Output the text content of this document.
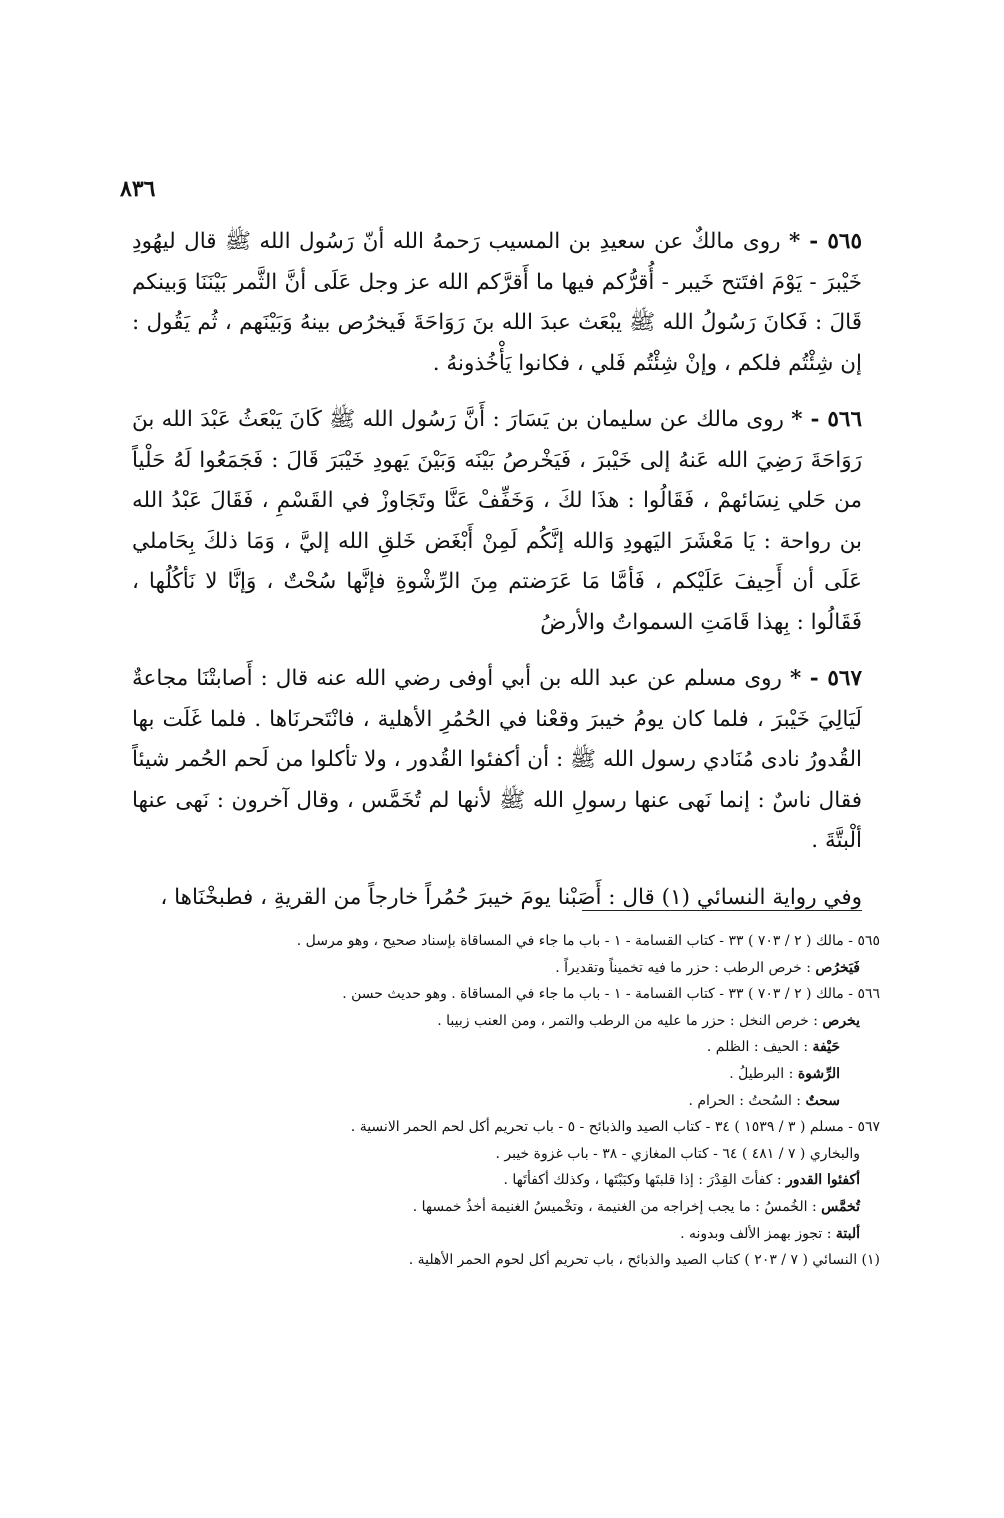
٨٣٦

٥٦٥ - * روى مالكٌ عن سعيدِ بن المسيب رَحمهُ الله أنّ رَسُول الله ﷺ قال ليهُودِ خَيْبرَ - يَوْمَ افتَتح خَيبر - أُقرُّكم فيها ما أَقرَّكم الله عز وجل عَلَى أنَّ الثَّمر بَيْنَنَا وَبينكم قَالَ : فَكانَ رَسُولُ الله ﷺ يبْعَث عبدَ الله بنَ رَوَاحَةَ فَيخرُص بينهُ وَبَيْنَهم ، ثُم يَقُول : إن شِئْتُم فلكم ، وإنْ شِئْتُم فَلي ، فكانوا يَأْخُذونهُ .

٥٦٦ - * روى مالك عن سليمان بن يَسَارَ : أَنَّ رَسُول الله ﷺ كَانَ يَبْعَثُ عَبْدَ الله بنَ رَوَاحَةَ رَضِيَ الله عَنهُ إلى خَيْبرَ ، فَيَخْرصُ بَيْنَه وَبَيْنَ يَهودِ خَيْبَرَ قَالَ : فَجَمَعُوا لَهُ حَلْياً من حَلي نِسَائهمْ ، فَقَالُوا : هذَا لكَ ، وَخَفِّفْ عَنَّا وتَجَاوزْ في القَسْمِ ، فَقَالَ عَبْدُ الله بن رواحة : يَا مَعْشَرَ اليَهودِ وَالله إنَّكُم لَمِنْ أَبْغَض خَلقِ الله إليَّ ، وَمَا ذلكَ بِحَاملي عَلَى أن أَحِيفَ عَلَيْكم ، فَأمَّا مَا عَرَضتم مِنَ الرِّشْوةِ فإنَّها سُحْتٌ ، وَإنَّا لا نَأكُلُها ، فَقَالُوا : بِهذا قَامَتِ السمواتُ والأرضُ

٥٦٧ - * روى مسلم عن عبد الله بن أبي أوفى رضي الله عنه قال : أَصابتْنَا مجاعةٌ لَيَالِيَ خَيْبرَ ، فلما كان يومُ خيبرَ وقعْنا في الحُمُرِ الأهلية ، فانْتَحرنَاها . فلما غَلَت بها القُدورُ نادى مُنَادي رسول الله ﷺ : أن أكفئوا القُدور ، ولا تأكلوا من لَحم الحُمر شيئاً فقال ناسٌ : إنما نَهى عنها رسولِ الله ﷺ لأنها لم تُخَمَّس ، وقال آخرون : نَهى عنها ألْبتَّةَ .

وفي رواية النسائي (١) قال : أَصَبْنا يومَ خيبرَ حُمُراً خارجاً من القريةِ ، فطبخْنَاها ،

٥٦٥ - مالك ( ٢ / ٧٠٣ ) ٣٣ - كتاب القسامة - ١ - باب ما جاء في المساقاة بإسناد صحيح ، وهو مرسل .

فَيَخرُص : خرص الرطب : حزر ما فيه تخميناً وتقديراً .

٥٦٦ - مالك ( ٢ / ٧٠٣ ) ٣٣ - كتاب القسامة - ١ - باب ما جاء في المساقاة . وهو حديث حسن .

يخرص : خرص النخل : حزر ما عليه من الرطب والتمر ، ومن العنب زبيبا .

حَيْفة : الحيف : الظلم .

الرِّشوة : البرطيلُ .

سحتٌ : السُحتُ : الحرام .

٥٦٧ - مسلم ( ٣ / ١٥٣٩ ) ٣٤ - كتاب الصيد والذبائح - ٥ - باب تحريم أكل لحم الحمر الانسية .

والبخاري ( ٧ / ٤٨١ ) ٦٤ - كتاب المغازي - ٣٨ - باب غزوة خيبر .

أكفئوا القدور : كفأتَ القِدْرَ : إذا قلبتَها وكبَبْتَها ، وكذلك أكفأتَها .

تُخمَّس : الخُمسُ : ما يجب إخراجه من الغنيمة ، وتخْميسُ الغنيمة أخذُ خمسها .

ألبتة : تجوز بهمز الألف وبدونه .

(١) النسائي ( ٧ / ٢٠٣ ) كتاب الصيد والذبائح ، باب تحريم أكل لحوم الحمر الأهلية .
